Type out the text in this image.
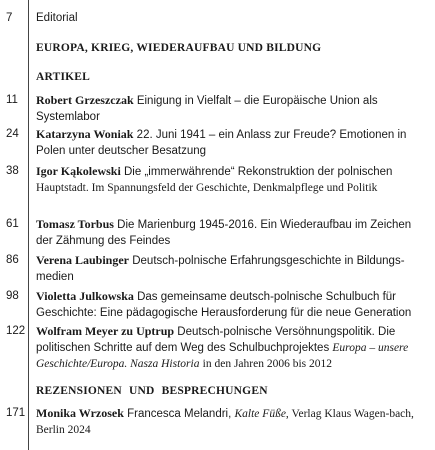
7	Editorial
EUROPA, KRIEG, WIEDERAUFBAU UND BILDUNG
ARTIKEL
11	Robert Grzeszczak Einigung in Vielfalt – die Europäische Union als Systemlabor
24	Katarzyna Woniak 22. Juni 1941 – ein Anlass zur Freude? Emotionen in Polen unter deutscher Besatzung
38	Igor Kąkolewski Die „immerwährende“ Rekonstruktion der polnischen Hauptstadt. Im Spannungsfeld der Geschichte, Denkmalpflege und Politik
61	Tomasz Torbus Die Marienburg 1945-2016. Ein Wiederaufbau im Zeichen der Zähmung des Feindes
86	Verena Laubinger Deutsch-polnische Erfahrungsgeschichte in Bildungs-medien
98	Violetta Julkowska Das gemeinsame deutsch-polnische Schulbuch für Geschichte: Eine pädagogische Herausforderung für die neue Generation
122 Wolfram Meyer zu Uptrup Deutsch-polnische Versöhnungspolitik. Die politischen Schritte auf dem Weg des Schulbuchprojektes Europa – unsere Geschichte/Europa. Nasza Historia in den Jahren 2006 bis 2012
REZENSIONEN UND BESPRECHUNGEN
171 Monika Wrzosek Francesca Melandri, Kalte Füße, Verlag Klaus Wagen-bach, Berlin 2024
